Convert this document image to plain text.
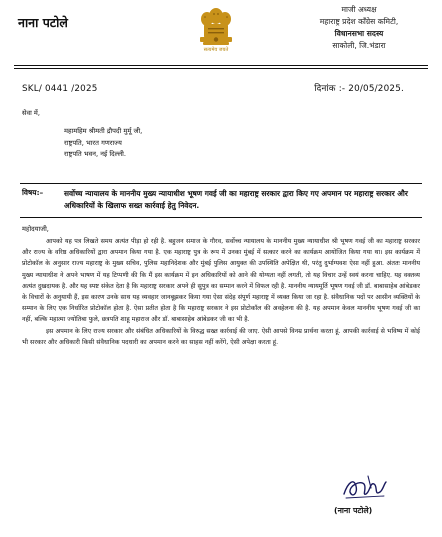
नाना पटोले
सत्यमेव जयते
माजी अध्यक्ष
महाराष्ट्र प्रदेश काँग्रेस कमिटी,
विधानसभा सदस्य
साकोली, जि.भंडारा
SKL/ 0441 /2025	दिनांक :- 20/05/2025.
सेवा में,
महामहिम श्रीमती द्रौपदी मुर्मू जी,
राष्ट्रपति, भारत गणराज्य
राष्ट्रपति भवन, नई दिल्ली.
विषय:–	सर्वोच्च न्यायालय के माननीय मुख्य न्यायाधीश भूषण गवई जी का महाराष्ट्र सरकार द्वारा किए गए अपमान पर महाराष्ट्र सरकार और अधिकारियों के खिलाफ सख्त कार्रवाई हेतु निवेदन.
महोदयाजी,

आपको यह पत्र लिखते समय अत्यंत पीड़ा हो रही है. बहुजन समाज के गौरव, सर्वोच्च न्यायालय के माननीय मुख्य न्यायाधीश श्री भूषण गवई जी का महाराष्ट्र सरकार और राज्य के वरिष्ठ अधिकारियों द्वारा अपमान किया गया है. एक महाराष्ट्र पुत्र के रूप में उनका मुंबई में सत्कार करने का कार्यक्रम आयोजित किया गया था। इस कार्यक्रम में प्रोटोकॉल के अनुसार राज्य महाराष्ट्र के मुख्य सचिव, पुलिस महानिदेशक और मुंबई पुलिस आयुक्त की उपस्थिति अपेक्षित थी, परंतु दुर्भाग्यवश ऐसा नहीं हुआ. अंततः माननीय मुख्य न्यायाधीश ने अपने भाषण में यह टिप्पणी की कि मैं इस कार्यक्रम में इन अधिकारियों को आने की योग्यता नहीं लगती, तो यह विचार उन्हें स्वयं करना चाहिए. यह वक्तव्य अत्यंत दुखदायक है. और यह स्पष्ट संकेत देता है कि महाराष्ट्र सरकार अपने ही सुपुत्र का सम्मान करने में विफल रही है. माननीय न्यायमूर्ति भूषण गवई जी डॉ. बाबासाहेब आंबेडकर के विचारों के अनुयायी हैं, इस कारण उनके साथ यह व्यवहार जानबूझकर किया गया ऐसा संदेह संपूर्ण महाराष्ट्र में व्यक्त किया जा रहा है. संवैधानिक पदों पर आसीन व्यक्तियों के सम्मान के लिए एक निर्धारित प्रोटोकॉल होता है. ऐसा प्रतीत होता है कि महाराष्ट्र सरकार ने इस प्रोटोकॉल की अवहेलना की है. यह अपमान केवल माननीय भूषण गवई जी का नहीं, बल्कि महात्मा ज्योतिबा फुले, छत्रपति शाहू महाराज और डॉ. बाबासाहेब आंबेडकर जी का भी है.

इस अपमान के लिए राज्य सरकार और संबंधित अधिकारियों के विरुद्ध सख्त कार्रवाई की जाए. ऐसी आपसे विनम्र प्रार्थना करता हूं. आपकी कार्रवाई से भविष्य में कोई भी सरकार और अधिकारी किसी संवैधानिक पदधारी का अपमान करने का साहस नहीं करेंगे, ऐसी अपेक्षा करता हूं.

(नाना पटोले)
